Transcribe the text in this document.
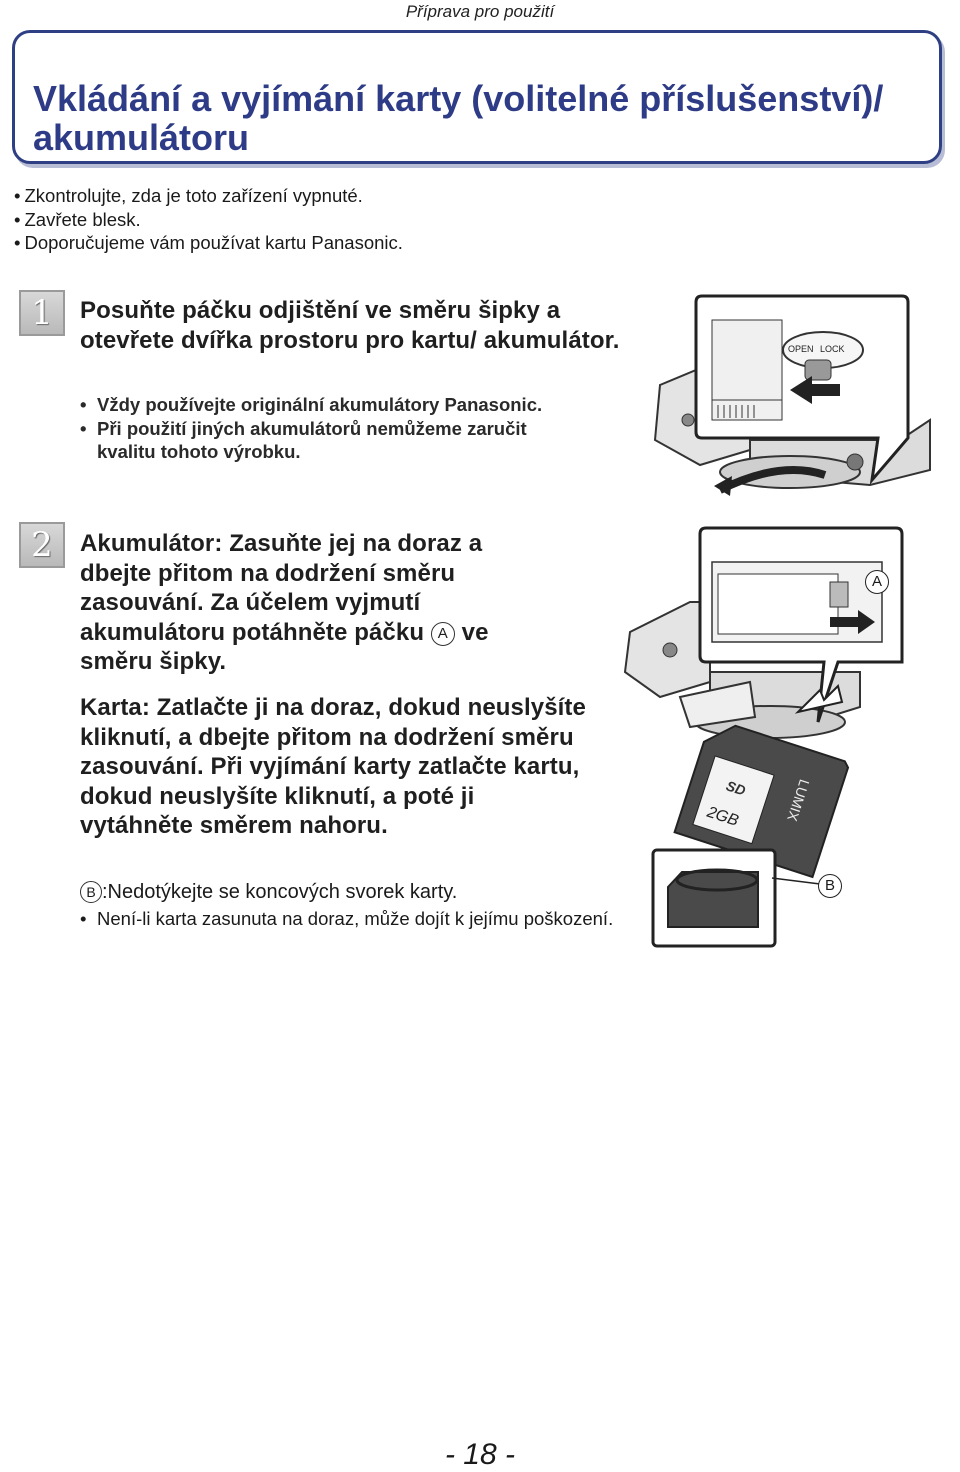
Příprava pro použití
Vkládání a vyjímání karty (volitelné příslušenství)/ akumulátoru
• Zkontrolujte, zda je toto zařízení vypnuté.
• Zavřete blesk.
• Doporučujeme vám používat kartu Panasonic.
1	Posuňte páčku odjištění ve směru šipky a otevřete dvířka prostoru pro kartu/ akumulátor.
• Vždy používejte originální akumulátory Panasonic.
• Při použití jiných akumulátorů nemůžeme zaručit kvalitu tohoto výrobku.
2	Akumulátor: Zasuňte jej na doraz a dbejte přitom na dodržení směru zasouvání. Za účelem vyjmutí akumulátoru potáhněte páčku A ve směru šipky.
Karta: Zatlačte ji na doraz, dokud neuslyšíte kliknutí, a dbejte přitom na dodržení směru zasouvání. Při vyjímání karty zatlačte kartu, dokud neuslyšíte kliknutí, a poté ji vytáhněte směrem nahoru.
B :Nedotýkejte se koncových svorek karty.
• Není-li karta zasunuta na doraz, může dojít k jejímu poškození.
OPEN LOCK
SD
2GB	LUMIX
A
B
- 18 -
